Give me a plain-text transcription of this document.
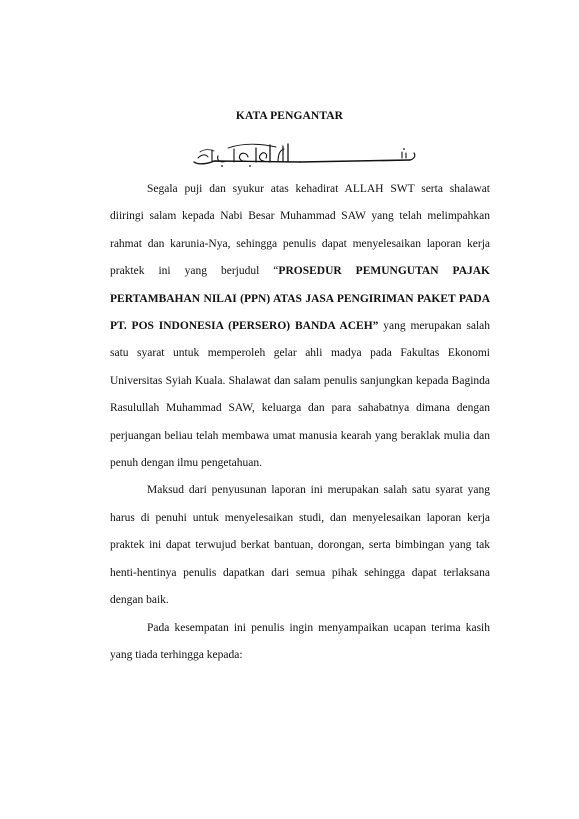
KATA PENGANTAR

Segala puji dan syukur atas kehadirat ALLAH SWT serta shalawat diiringi salam kepada Nabi Besar Muhammad SAW yang telah melimpahkan rahmat dan karunia-Nya, sehingga penulis dapat menyelesaikan laporan kerja praktek ini yang berjudul “PROSEDUR PEMUNGUTAN PAJAK PERTAMBAHAN NILAI (PPN) ATAS JASA PENGIRIMAN PAKET PADA PT. POS INDONESIA (PERSERO) BANDA ACEH” yang merupakan salah satu syarat untuk memperoleh gelar ahli madya pada Fakultas Ekonomi Universitas Syiah Kuala. Shalawat dan salam penulis sanjungkan kepada Baginda Rasulullah Muhammad SAW, keluarga dan para sahabatnya dimana dengan perjuangan beliau telah membawa umat manusia kearah yang beraklak mulia dan penuh dengan ilmu pengetahuan.

Maksud dari penyusunan laporan ini merupakan salah satu syarat yang harus di penuhi untuk menyelesaikan studi, dan menyelesaikan laporan kerja praktek ini dapat terwujud berkat bantuan, dorongan, serta bimbingan yang tak henti-hentinya penulis dapatkan dari semua pihak sehingga dapat terlaksana dengan baik.

Pada kesempatan ini penulis ingin menyampaikan ucapan terima kasih yang tiada terhingga kepada:
